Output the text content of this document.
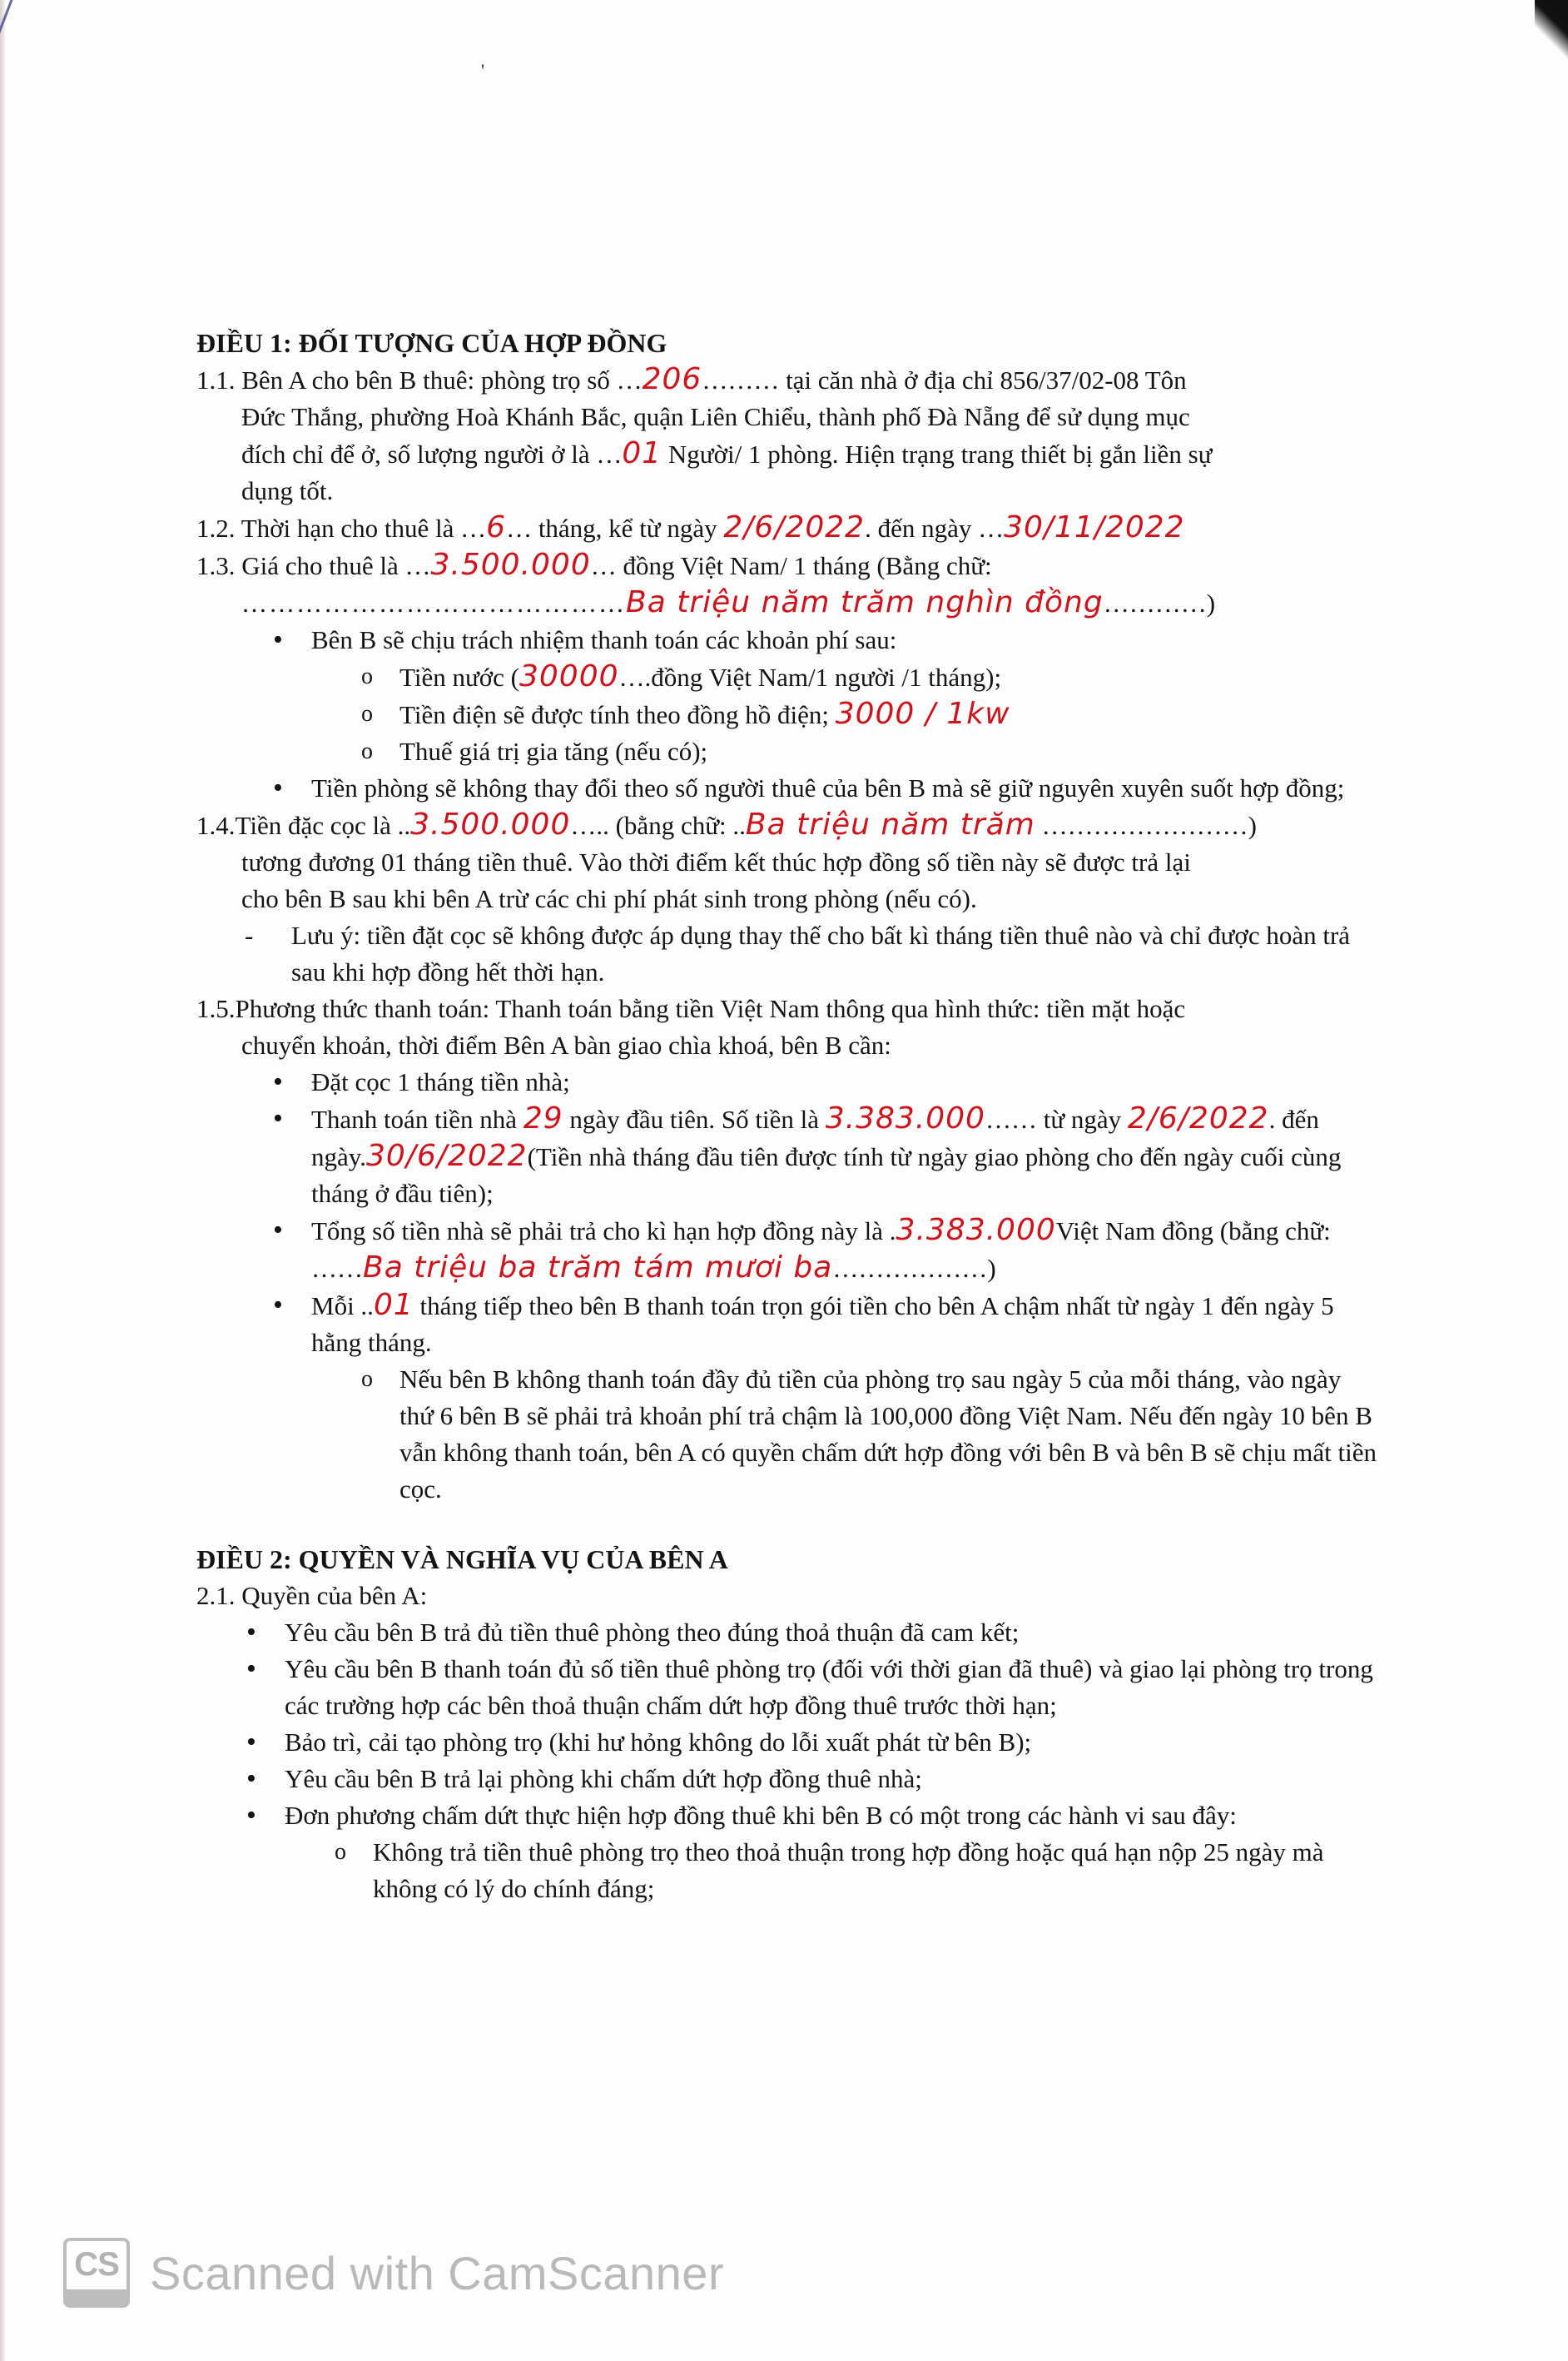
'

ĐIỀU 1: ĐỐI TƯỢNG CỦA HỢP ĐỒNG

1.1. Bên A cho bên B thuê: phòng trọ số …206……… tại căn nhà ở địa chỉ 856/37/02-08 Tôn

Đức Thắng, phường Hoà Khánh Bắc, quận Liên Chiểu, thành phố Đà Nẵng để sử dụng mục

đích chỉ để ở, số lượng người ở là …01 Người/ 1 phòng. Hiện trạng trang thiết bị gắn liền sự

dụng tốt.

1.2. Thời hạn cho thuê là …6… tháng, kể từ ngày 2/6/2022. đến ngày …30/11/2022

1.3. Giá cho thuê là …3.500.000… đồng Việt Nam/ 1 tháng (Bằng chữ:

……………………………………Ba triệu năm trăm nghìn đồng…………)

• Bên B sẽ chịu trách nhiệm thanh toán các khoản phí sau:
o Tiền nước (30000….đồng Việt Nam/1 người /1 tháng);
o Tiền điện sẽ được tính theo đồng hồ điện; 3000 / 1kw
o Thuế giá trị gia tăng (nếu có);
• Tiền phòng sẽ không thay đổi theo số người thuê của bên B mà sẽ giữ nguyên xuyên suốt hợp đồng;

1.4.Tiền đặc cọc là ..3.500.000….. (bằng chữ: ..Ba triệu năm trăm ……………………)

tương đương 01 tháng tiền thuê. Vào thời điểm kết thúc hợp đồng số tiền này sẽ được trả lại

cho bên B sau khi bên A trừ các chi phí phát sinh trong phòng (nếu có).

- Lưu ý: tiền đặt cọc sẽ không được áp dụng thay thế cho bất kì tháng tiền thuê nào và chỉ được hoàn trả sau khi hợp đồng hết thời hạn.

1.5.Phương thức thanh toán: Thanh toán bằng tiền Việt Nam thông qua hình thức: tiền mặt hoặc

chuyển khoản, thời điểm Bên A bàn giao chìa khoá, bên B cần:

• Đặt cọc 1 tháng tiền nhà;
• Thanh toán tiền nhà 29 ngày đầu tiên. Số tiền là 3.383.000…… từ ngày 2/6/2022. đến ngày.30/6/2022(Tiền nhà tháng đầu tiên được tính từ ngày giao phòng cho đến ngày cuối cùng tháng ở đầu tiên);
• Tổng số tiền nhà sẽ phải trả cho kì hạn hợp đồng này là .3.383.000Việt Nam đồng (bằng chữ: ……Ba triệu ba trăm tám mươi ba………………)
• Mỗi ..01 tháng tiếp theo bên B thanh toán trọn gói tiền cho bên A chậm nhất từ ngày 1 đến ngày 5 hằng tháng.
o Nếu bên B không thanh toán đầy đủ tiền của phòng trọ sau ngày 5 của mỗi tháng, vào ngày thứ 6 bên B sẽ phải trả khoản phí trả chậm là 100,000 đồng Việt Nam. Nếu đến ngày 10 bên B vẫn không thanh toán, bên A có quyền chấm dứt hợp đồng với bên B và bên B sẽ chịu mất tiền cọc.

ĐIỀU 2: QUYỀN VÀ NGHĨA VỤ CỦA BÊN A

2.1. Quyền của bên A:

• Yêu cầu bên B trả đủ tiền thuê phòng theo đúng thoả thuận đã cam kết;
• Yêu cầu bên B thanh toán đủ số tiền thuê phòng trọ (đối với thời gian đã thuê) và giao lại phòng trọ trong các trường hợp các bên thoả thuận chấm dứt hợp đồng thuê trước thời hạn;
• Bảo trì, cải tạo phòng trọ (khi hư hỏng không do lỗi xuất phát từ bên B);
• Yêu cầu bên B trả lại phòng khi chấm dứt hợp đồng thuê nhà;
• Đơn phương chấm dứt thực hiện hợp đồng thuê khi bên B có một trong các hành vi sau đây:
o Không trả tiền thuê phòng trọ theo thoả thuận trong hợp đồng hoặc quá hạn nộp 25 ngày mà không có lý do chính đáng;
CS Scanned with CamScanner
